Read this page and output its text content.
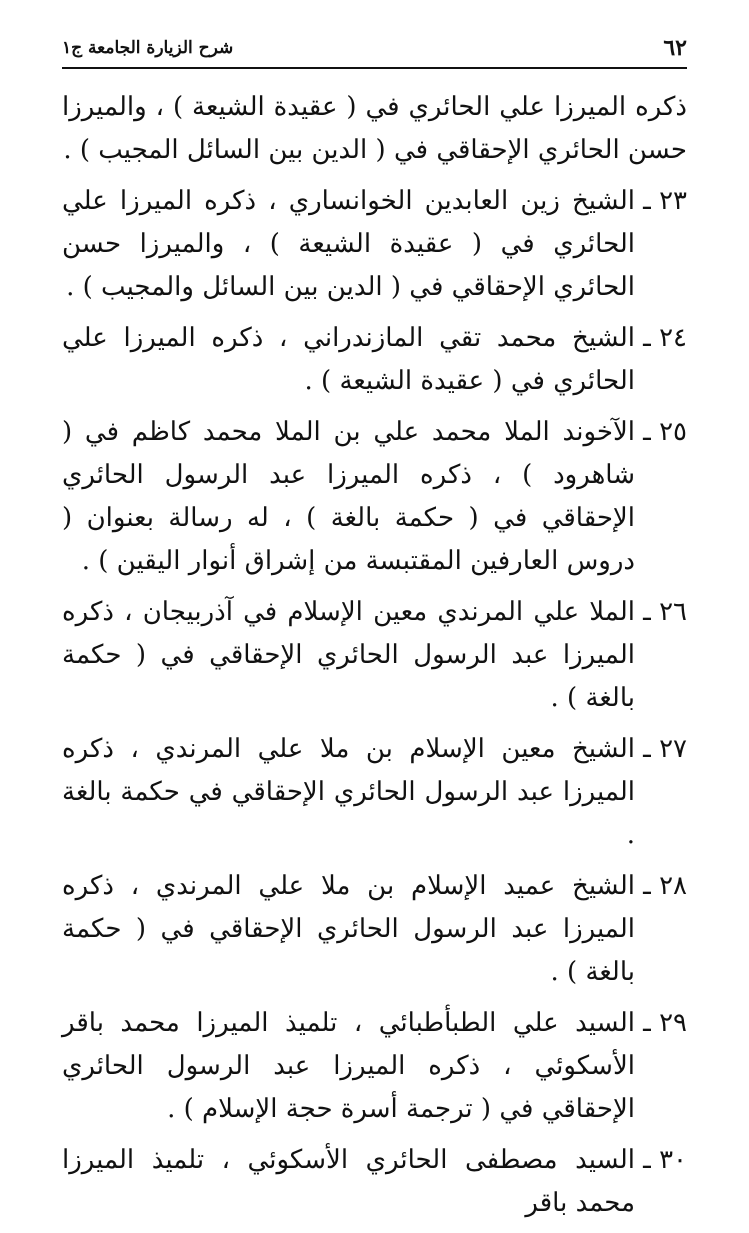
٦٢
شرح الزيارة الجامعة ج١

ذكره الميرزا علي الحائري في ( عقيدة الشيعة ) ، والميرزا حسن الحائري الإحقاقي في ( الدين بين السائل المجيب ) .

٢٣ ـ
الشيخ زين العابدين الخوانساري ، ذكره الميرزا علي الحائري في ( عقيدة الشيعة ) ، والميرزا حسن الحائري الإحقاقي في ( الدين بين السائل والمجيب ) .
٢٤ ـ
الشيخ محمد تقي المازندراني ، ذكره الميرزا علي الحائري في ( عقيدة الشيعة ) .
٢٥ ـ
الآخوند الملا محمد علي بن الملا محمد كاظم في ( شاهرود ) ، ذكره الميرزا عبد الرسول الحائري الإحقاقي في ( حكمة بالغة ) ، له رسالة بعنوان ( دروس العارفين المقتبسة من إشراق أنوار اليقين ) .
٢٦ ـ
الملا علي المرندي معين الإسلام في آذربيجان ، ذكره الميرزا عبد الرسول الحائري الإحقاقي في ( حكمة بالغة ) .
٢٧ ـ
الشيخ معين الإسلام بن ملا علي المرندي ، ذكره الميرزا عبد الرسول الحائري الإحقاقي في حكمة بالغة .
٢٨ ـ
الشيخ عميد الإسلام بن ملا علي المرندي ، ذكره الميرزا عبد الرسول الحائري الإحقاقي في ( حكمة بالغة ) .
٢٩ ـ
السيد علي الطبأطبائي ، تلميذ الميرزا محمد باقر الأسكوئي ، ذكره الميرزا عبد الرسول الحائري الإحقاقي في ( ترجمة أسرة حجة الإسلام ) .
٣٠ ـ
السيد مصطفى الحائري الأسكوئي ، تلميذ الميرزا محمد باقر
